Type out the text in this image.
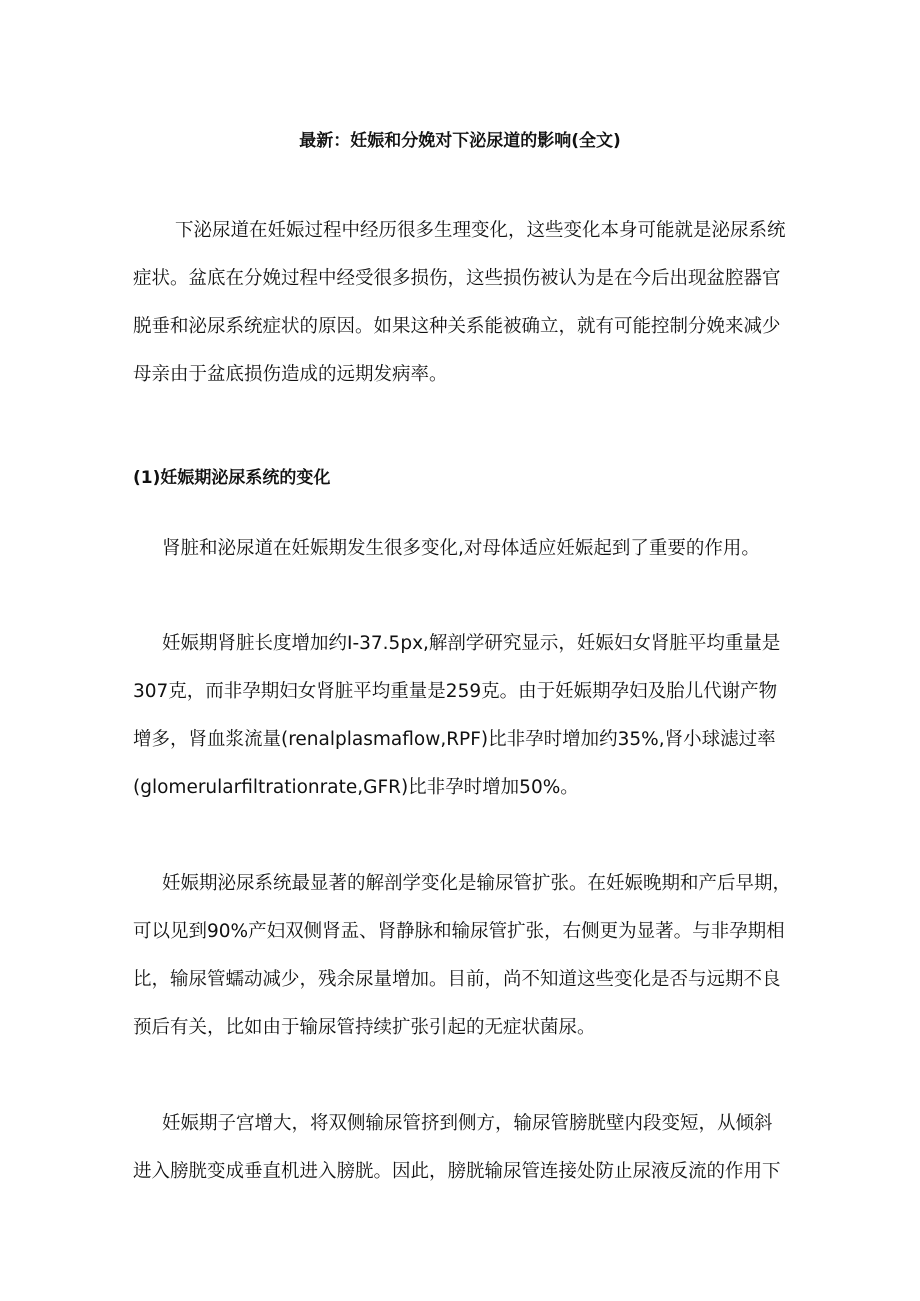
最新：妊娠和分娩对下泌尿道的影响(全文)
下泌尿道在妊娠过程中经历很多生理变化，这些变化本身可能就是泌尿系统
症状。盆底在分娩过程中经受很多损伤，这些损伤被认为是在今后出现盆腔器官
脱垂和泌尿系统症状的原因。如果这种关系能被确立，就有可能控制分娩来减少
母亲由于盆底损伤造成的远期发病率。
(1)妊娠期泌尿系统的变化
肾脏和泌尿道在妊娠期发生很多变化,对母体适应妊娠起到了重要的作用。
妊娠期肾脏长度增加约I-37.5px,解剖学研究显示，妊娠妇女肾脏平均重量是
307克，而非孕期妇女肾脏平均重量是259克。由于妊娠期孕妇及胎儿代谢产物
增多，肾血浆流量(renalplasmaflow,RPF)比非孕时增加约35%,肾小球滤过率
(glomerularfiltrationrate,GFR)比非孕时增加50%。
妊娠期泌尿系统最显著的解剖学变化是输尿管扩张。在妊娠晚期和产后早期，
可以见到90%产妇双侧肾盂、肾静脉和输尿管扩张，右侧更为显著。与非孕期相
比，输尿管蠕动减少，残余尿量增加。目前，尚不知道这些变化是否与远期不良
预后有关，比如由于输尿管持续扩张引起的无症状菌尿。
妊娠期子宫增大，将双侧输尿管挤到侧方，输尿管膀胱壁内段变短，从倾斜
进入膀胱变成垂直机进入膀胱。因此，膀胱输尿管连接处防止尿液反流的作用下
